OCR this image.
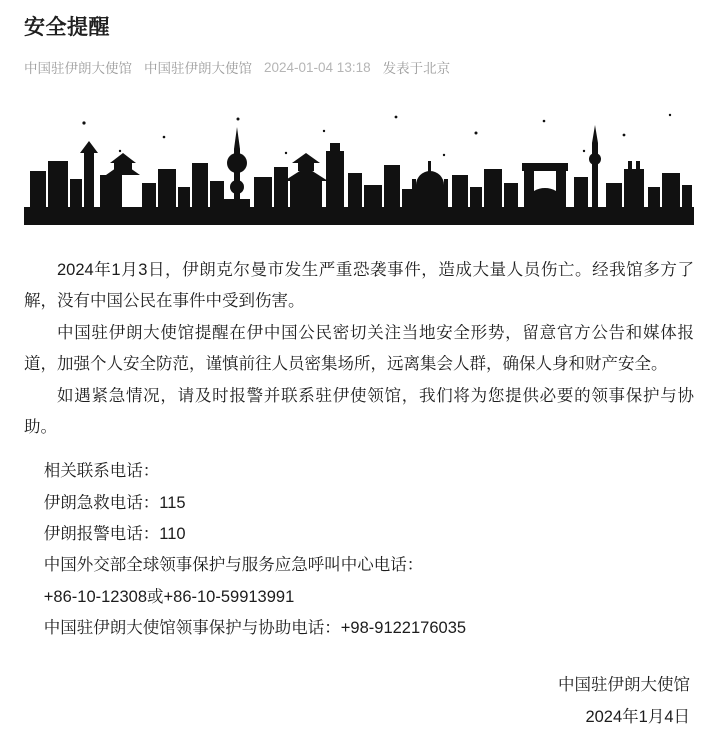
安全提醒
中国驻伊朗大使馆 中国驻伊朗大使馆 2024-01-04 13:18 发表于北京

2024年1月3日，伊朗克尔曼市发生严重恐袭事件，造成大量人员伤亡。经我馆多方了解，没有中国公民在事件中受到伤害。

中国驻伊朗大使馆提醒在伊中国公民密切关注当地安全形势，留意官方公告和媒体报道，加强个人安全防范，谨慎前往人员密集场所，远离集会人群，确保人身和财产安全。

如遇紧急情况，请及时报警并联系驻伊使领馆，我们将为您提供必要的领事保护与协助。

相关联系电话：

伊朗急救电话：115

伊朗报警电话：110

中国外交部全球领事保护与服务应急呼叫中心电话：

+86-10-12308或+86-10-59913991

中国驻伊朗大使馆领事保护与协助电话：+98-9122176035

中国驻伊朗大使馆

2024年1月4日
